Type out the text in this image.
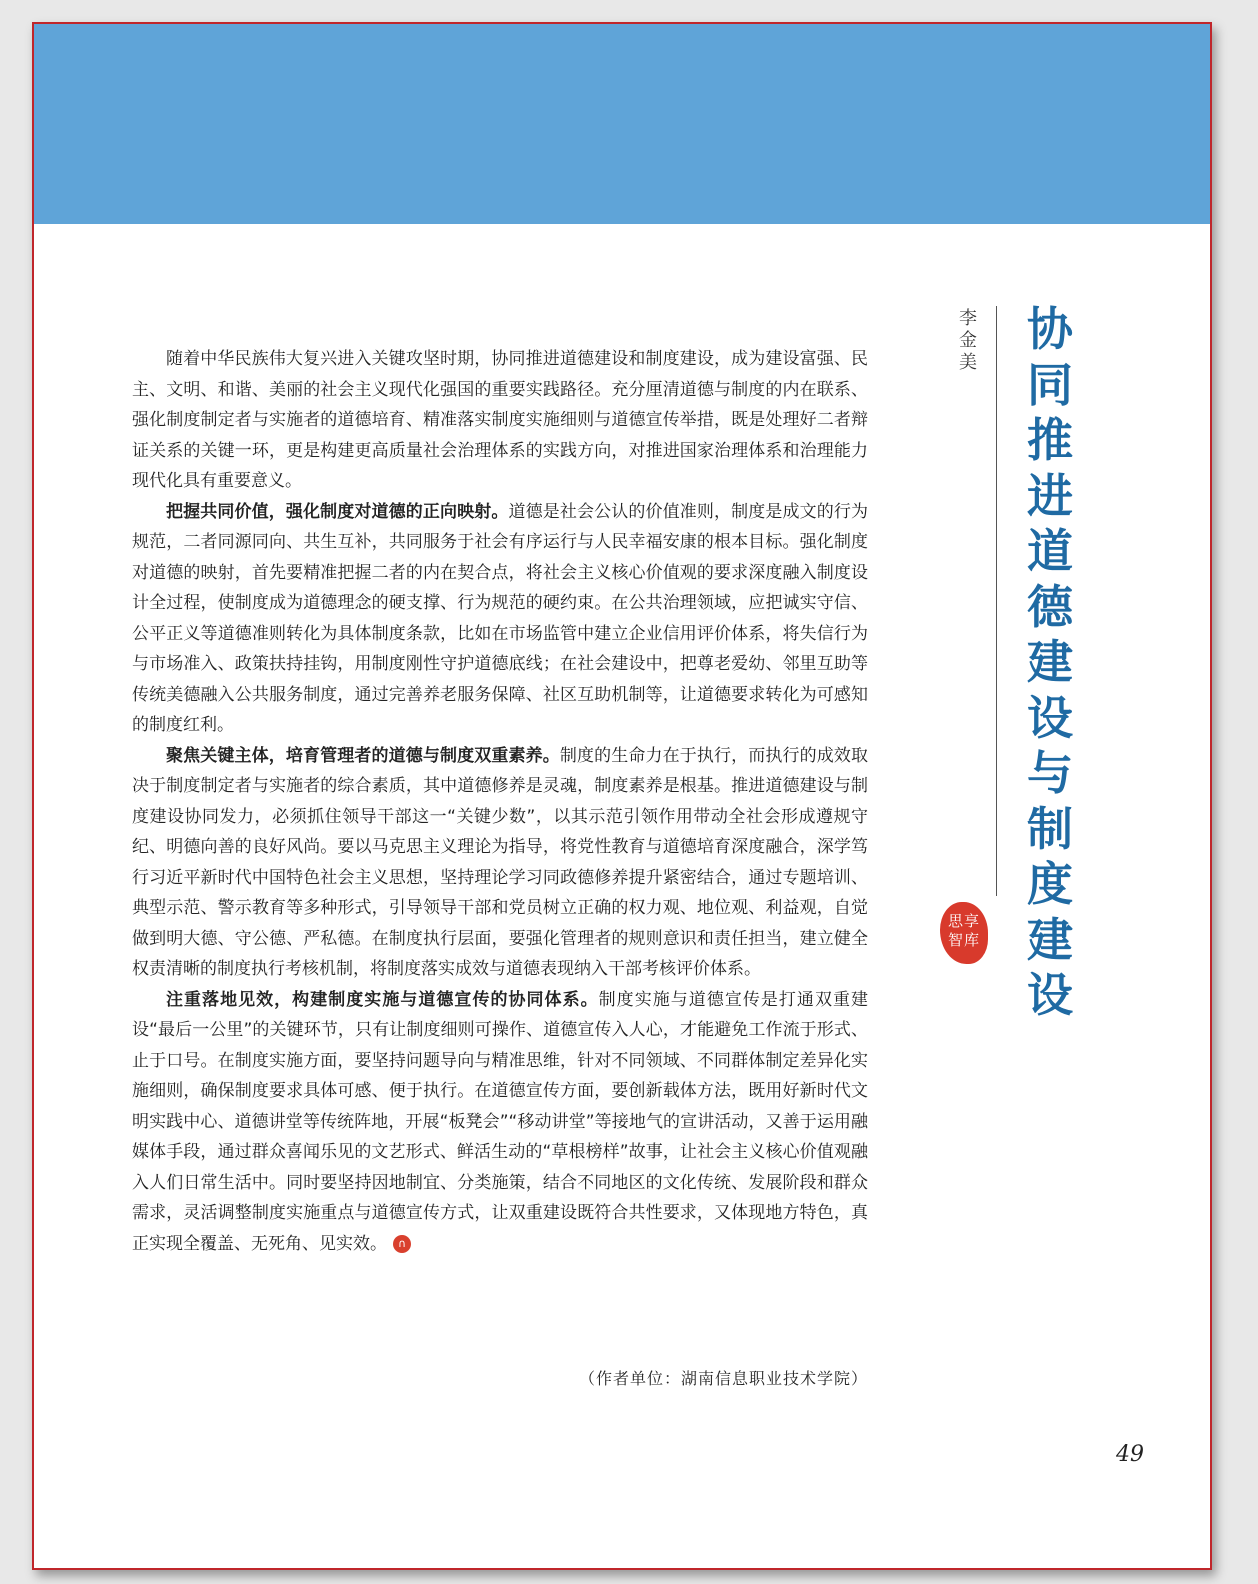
协同推进道德建设与制度建设
李金美
思享
智库

随着中华民族伟大复兴进入关键攻坚时期，协同推进道德建设和制度建设，成为建设富强、民主、文明、和谐、美丽的社会主义现代化强国的重要实践路径。充分厘清道德与制度的内在联系、强化制度制定者与实施者的道德培育、精准落实制度实施细则与道德宣传举措，既是处理好二者辩证关系的关键一环，更是构建更高质量社会治理体系的实践方向，对推进国家治理体系和治理能力现代化具有重要意义。

把握共同价值，强化制度对道德的正向映射。道德是社会公认的价值准则，制度是成文的行为规范，二者同源同向、共生互补，共同服务于社会有序运行与人民幸福安康的根本目标。强化制度对道德的映射，首先要精准把握二者的内在契合点，将社会主义核心价值观的要求深度融入制度设计全过程，使制度成为道德理念的硬支撑、行为规范的硬约束。在公共治理领域，应把诚实守信、公平正义等道德准则转化为具体制度条款，比如在市场监管中建立企业信用评价体系，将失信行为与市场准入、政策扶持挂钩，用制度刚性守护道德底线；在社会建设中，把尊老爱幼、邻里互助等传统美德融入公共服务制度，通过完善养老服务保障、社区互助机制等，让道德要求转化为可感知的制度红利。

聚焦关键主体，培育管理者的道德与制度双重素养。制度的生命力在于执行，而执行的成效取决于制度制定者与实施者的综合素质，其中道德修养是灵魂，制度素养是根基。推进道德建设与制度建设协同发力，必须抓住领导干部这一“关键少数”，以其示范引领作用带动全社会形成遵规守纪、明德向善的良好风尚。要以马克思主义理论为指导，将党性教育与道德培育深度融合，深学笃行习近平新时代中国特色社会主义思想，坚持理论学习同政德修养提升紧密结合，通过专题培训、典型示范、警示教育等多种形式，引导领导干部和党员树立正确的权力观、地位观、利益观，自觉做到明大德、守公德、严私德。在制度执行层面，要强化管理者的规则意识和责任担当，建立健全权责清晰的制度执行考核机制，将制度落实成效与道德表现纳入干部考核评价体系。

注重落地见效，构建制度实施与道德宣传的协同体系。制度实施与道德宣传是打通双重建设“最后一公里”的关键环节，只有让制度细则可操作、道德宣传入人心，才能避免工作流于形式、止于口号。在制度实施方面，要坚持问题导向与精准思维，针对不同领域、不同群体制定差异化实施细则，确保制度要求具体可感、便于执行。在道德宣传方面，要创新载体方法，既用好新时代文明实践中心、道德讲堂等传统阵地，开展“板凳会”“移动讲堂”等接地气的宣讲活动，又善于运用融媒体手段，通过群众喜闻乐见的文艺形式、鲜活生动的“草根榜样”故事，让社会主义核心价值观融入人们日常生活中。同时要坚持因地制宜、分类施策，结合不同地区的文化传统、发展阶段和群众需求，灵活调整制度实施重点与道德宣传方式，让双重建设既符合共性要求，又体现地方特色，真正实现全覆盖、无死角、见实效。 ∩

（作者单位：湖南信息职业技术学院）
49
